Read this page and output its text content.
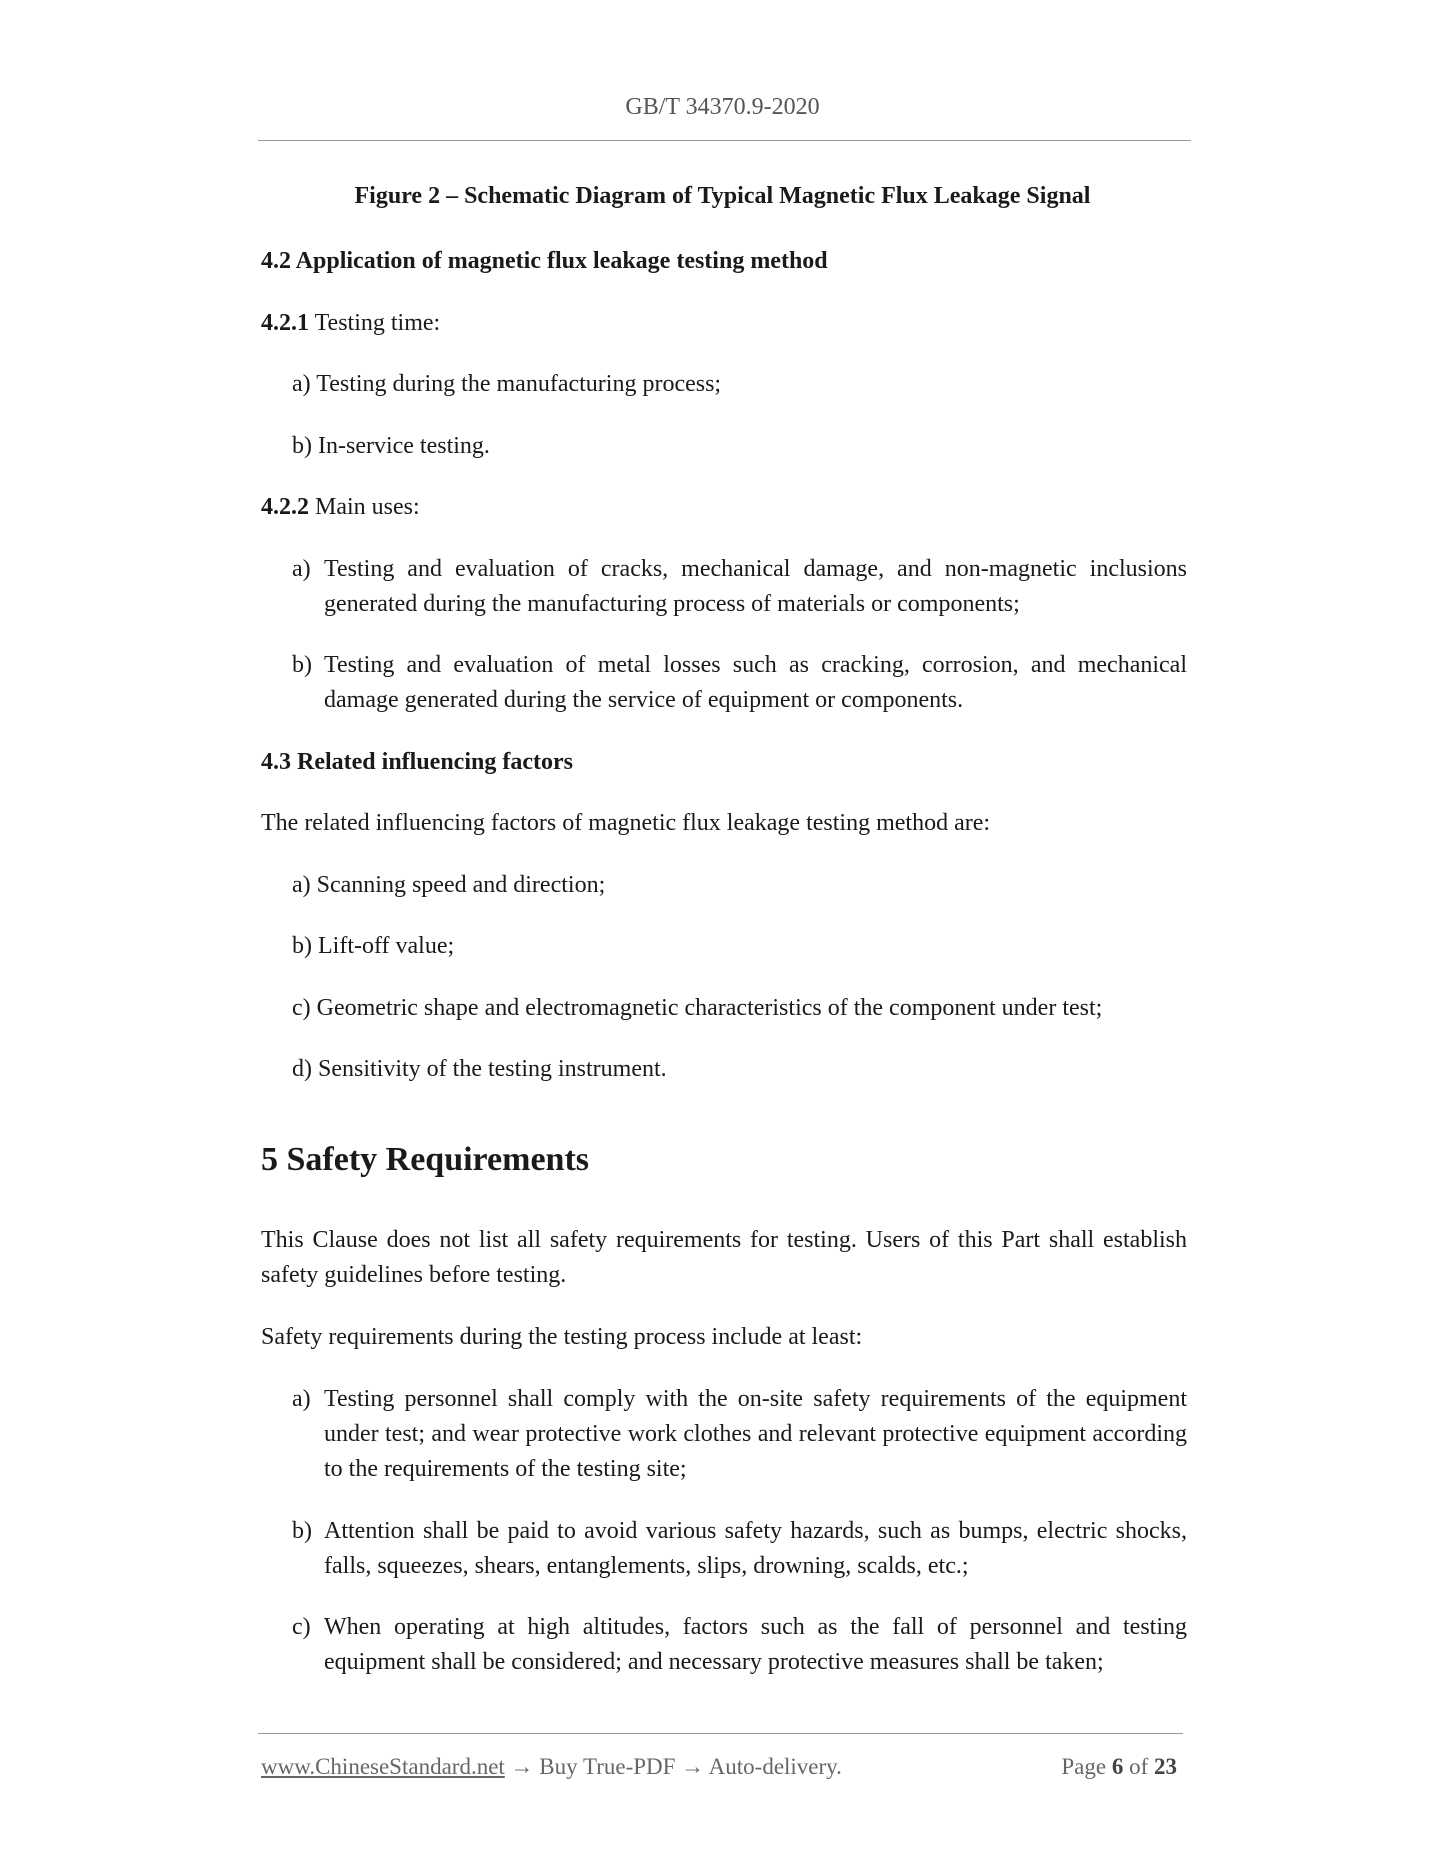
GB/T 34370.9-2020
Figure 2 – Schematic Diagram of Typical Magnetic Flux Leakage Signal
4.2 Application of magnetic flux leakage testing method
4.2.1 Testing time:
a) Testing during the manufacturing process;
b) In-service testing.
4.2.2 Main uses:
a) Testing and evaluation of cracks, mechanical damage, and non-magnetic inclusions generated during the manufacturing process of materials or components;
b) Testing and evaluation of metal losses such as cracking, corrosion, and mechanical damage generated during the service of equipment or components.
4.3 Related influencing factors
The related influencing factors of magnetic flux leakage testing method are:
a) Scanning speed and direction;
b) Lift-off value;
c) Geometric shape and electromagnetic characteristics of the component under test;
d) Sensitivity of the testing instrument.
5 Safety Requirements
This Clause does not list all safety requirements for testing. Users of this Part shall establish safety guidelines before testing.
Safety requirements during the testing process include at least:
a) Testing personnel shall comply with the on-site safety requirements of the equipment under test; and wear protective work clothes and relevant protective equipment according to the requirements of the testing site;
b) Attention shall be paid to avoid various safety hazards, such as bumps, electric shocks, falls, squeezes, shears, entanglements, slips, drowning, scalds, etc.;
c) When operating at high altitudes, factors such as the fall of personnel and testing equipment shall be considered; and necessary protective measures shall be taken;
www.ChineseStandard.net → Buy True-PDF → Auto-delivery.	Page 6 of 23
